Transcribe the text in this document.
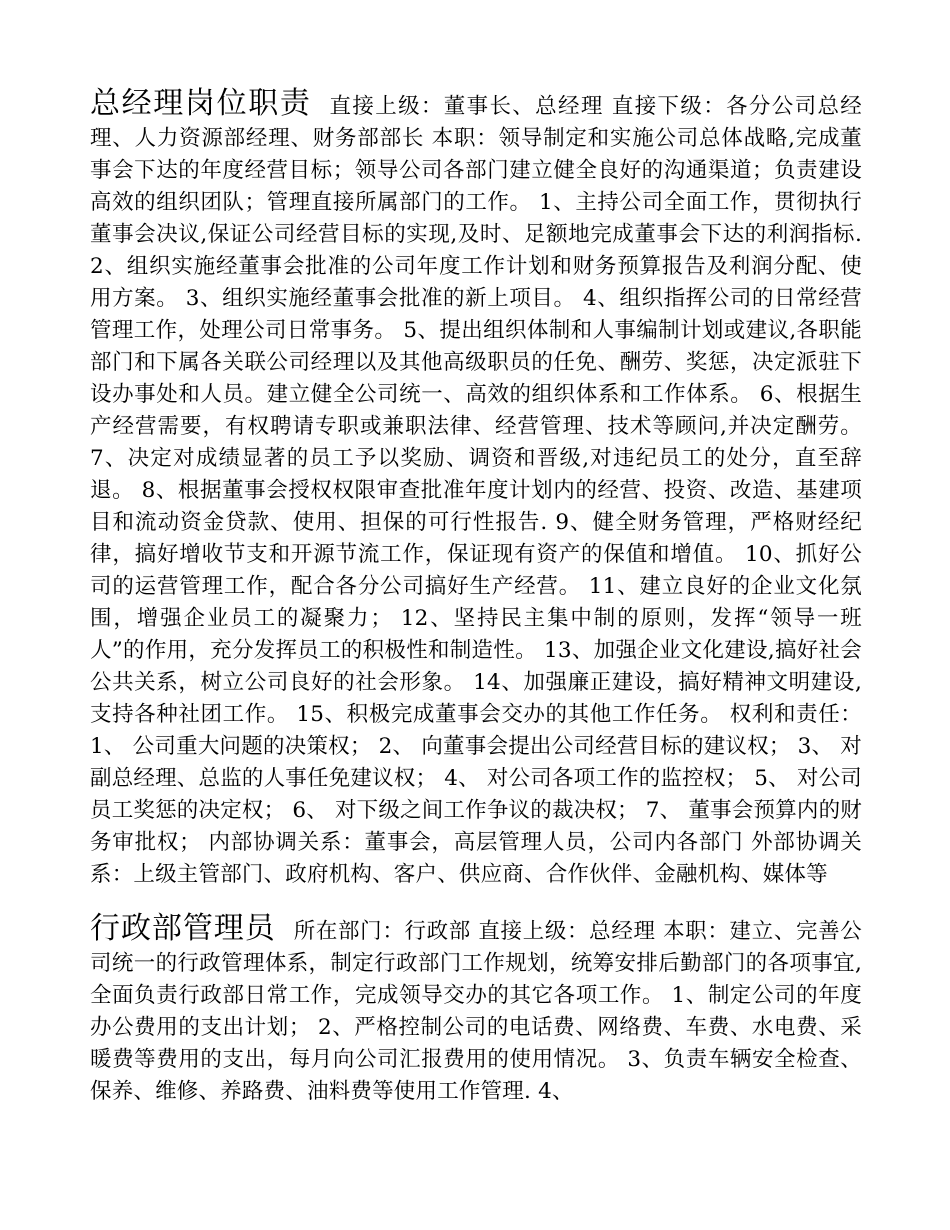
总经理岗位职责 直接上级：董事长、总经理 直接下级：各分公司总经理、人力资源部经理、财务部部长 本职：领导制定和实施公司总体战略,完成董事会下达的年度经营目标；领导公司各部门建立健全良好的沟通渠道；负责建设高效的组织团队；管理直接所属部门的工作。 1、主持公司全面工作，贯彻执行董事会决议,保证公司经营目标的实现,及时、足额地完成董事会下达的利润指标. 2、组织实施经董事会批准的公司年度工作计划和财务预算报告及利润分配、使用方案。 3、组织实施经董事会批准的新上项目。 4、组织指挥公司的日常经营管理工作，处理公司日常事务。 5、提出组织体制和人事编制计划或建议,各职能部门和下属各关联公司经理以及其他高级职员的任免、酬劳、奖惩，决定派驻下设办事处和人员。建立健全公司统一、高效的组织体系和工作体系。 6、根据生产经营需要，有权聘请专职或兼职法律、经营管理、技术等顾问,并决定酬劳。 7、决定对成绩显著的员工予以奖励、调资和晋级,对违纪员工的处分，直至辞退。 8、根据董事会授权权限审查批准年度计划内的经营、投资、改造、基建项目和流动资金贷款、使用、担保的可行性报告. 9、健全财务管理，严格财经纪律，搞好增收节支和开源节流工作，保证现有资产的保值和增值。 10、抓好公司的运营管理工作，配合各分公司搞好生产经营。 11、建立良好的企业文化氛围，增强企业员工的凝聚力； 12、坚持民主集中制的原则，发挥“领导一班人”的作用，充分发挥员工的积极性和制造性。 13、加强企业文化建设,搞好社会公共关系，树立公司良好的社会形象。 14、加强廉正建设，搞好精神文明建设,支持各种社团工作。 15、积极完成董事会交办的其他工作任务。 权利和责任： 1、 公司重大问题的决策权； 2、 向董事会提出公司经营目标的建议权； 3、 对副总经理、总监的人事任免建议权； 4、 对公司各项工作的监控权； 5、 对公司员工奖惩的决定权； 6、 对下级之间工作争议的裁决权； 7、 董事会预算内的财务审批权； 内部协调关系：董事会，高层管理人员，公司内各部门 外部协调关系：上级主管部门、政府机构、客户、供应商、合作伙伴、金融机构、媒体等
行政部管理员 所在部门：行政部 直接上级：总经理 本职：建立、完善公司统一的行政管理体系，制定行政部门工作规划，统筹安排后勤部门的各项事宜,全面负责行政部日常工作，完成领导交办的其它各项工作。 1、制定公司的年度办公费用的支出计划； 2、严格控制公司的电话费、网络费、车费、水电费、采暖费等费用的支出，每月向公司汇报费用的使用情况。 3、负责车辆安全检查、保养、维修、养路费、油料费等使用工作管理. 4、
